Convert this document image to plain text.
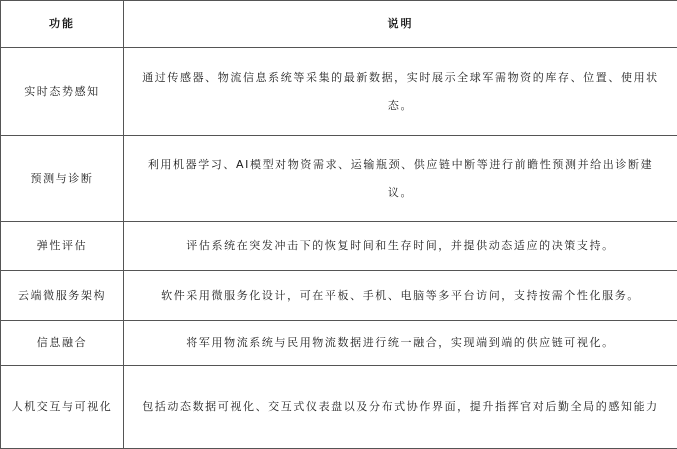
功能	说明
实时态势感知	通过传感器、物流信息系统等采集的最新数据，实时展示全球军需物资的库存、位置、使用状态。
预测与诊断	利用机器学习、AI模型对物资需求、运输瓶颈、供应链中断等进行前瞻性预测并给出诊断建议。
弹性评估	评估系统在突发冲击下的恢复时间和生存时间，并提供动态适应的决策支持。
云端微服务架构	软件采用微服务化设计，可在平板、手机、电脑等多平台访问，支持按需个性化服务。
信息融合	将军用物流系统与民用物流数据进行统一融合，实现端到端的供应链可视化。
人机交互与可视化	包括动态数据可视化、交互式仪表盘以及分布式协作界面，提升指挥官对后勤全局的感知能力
